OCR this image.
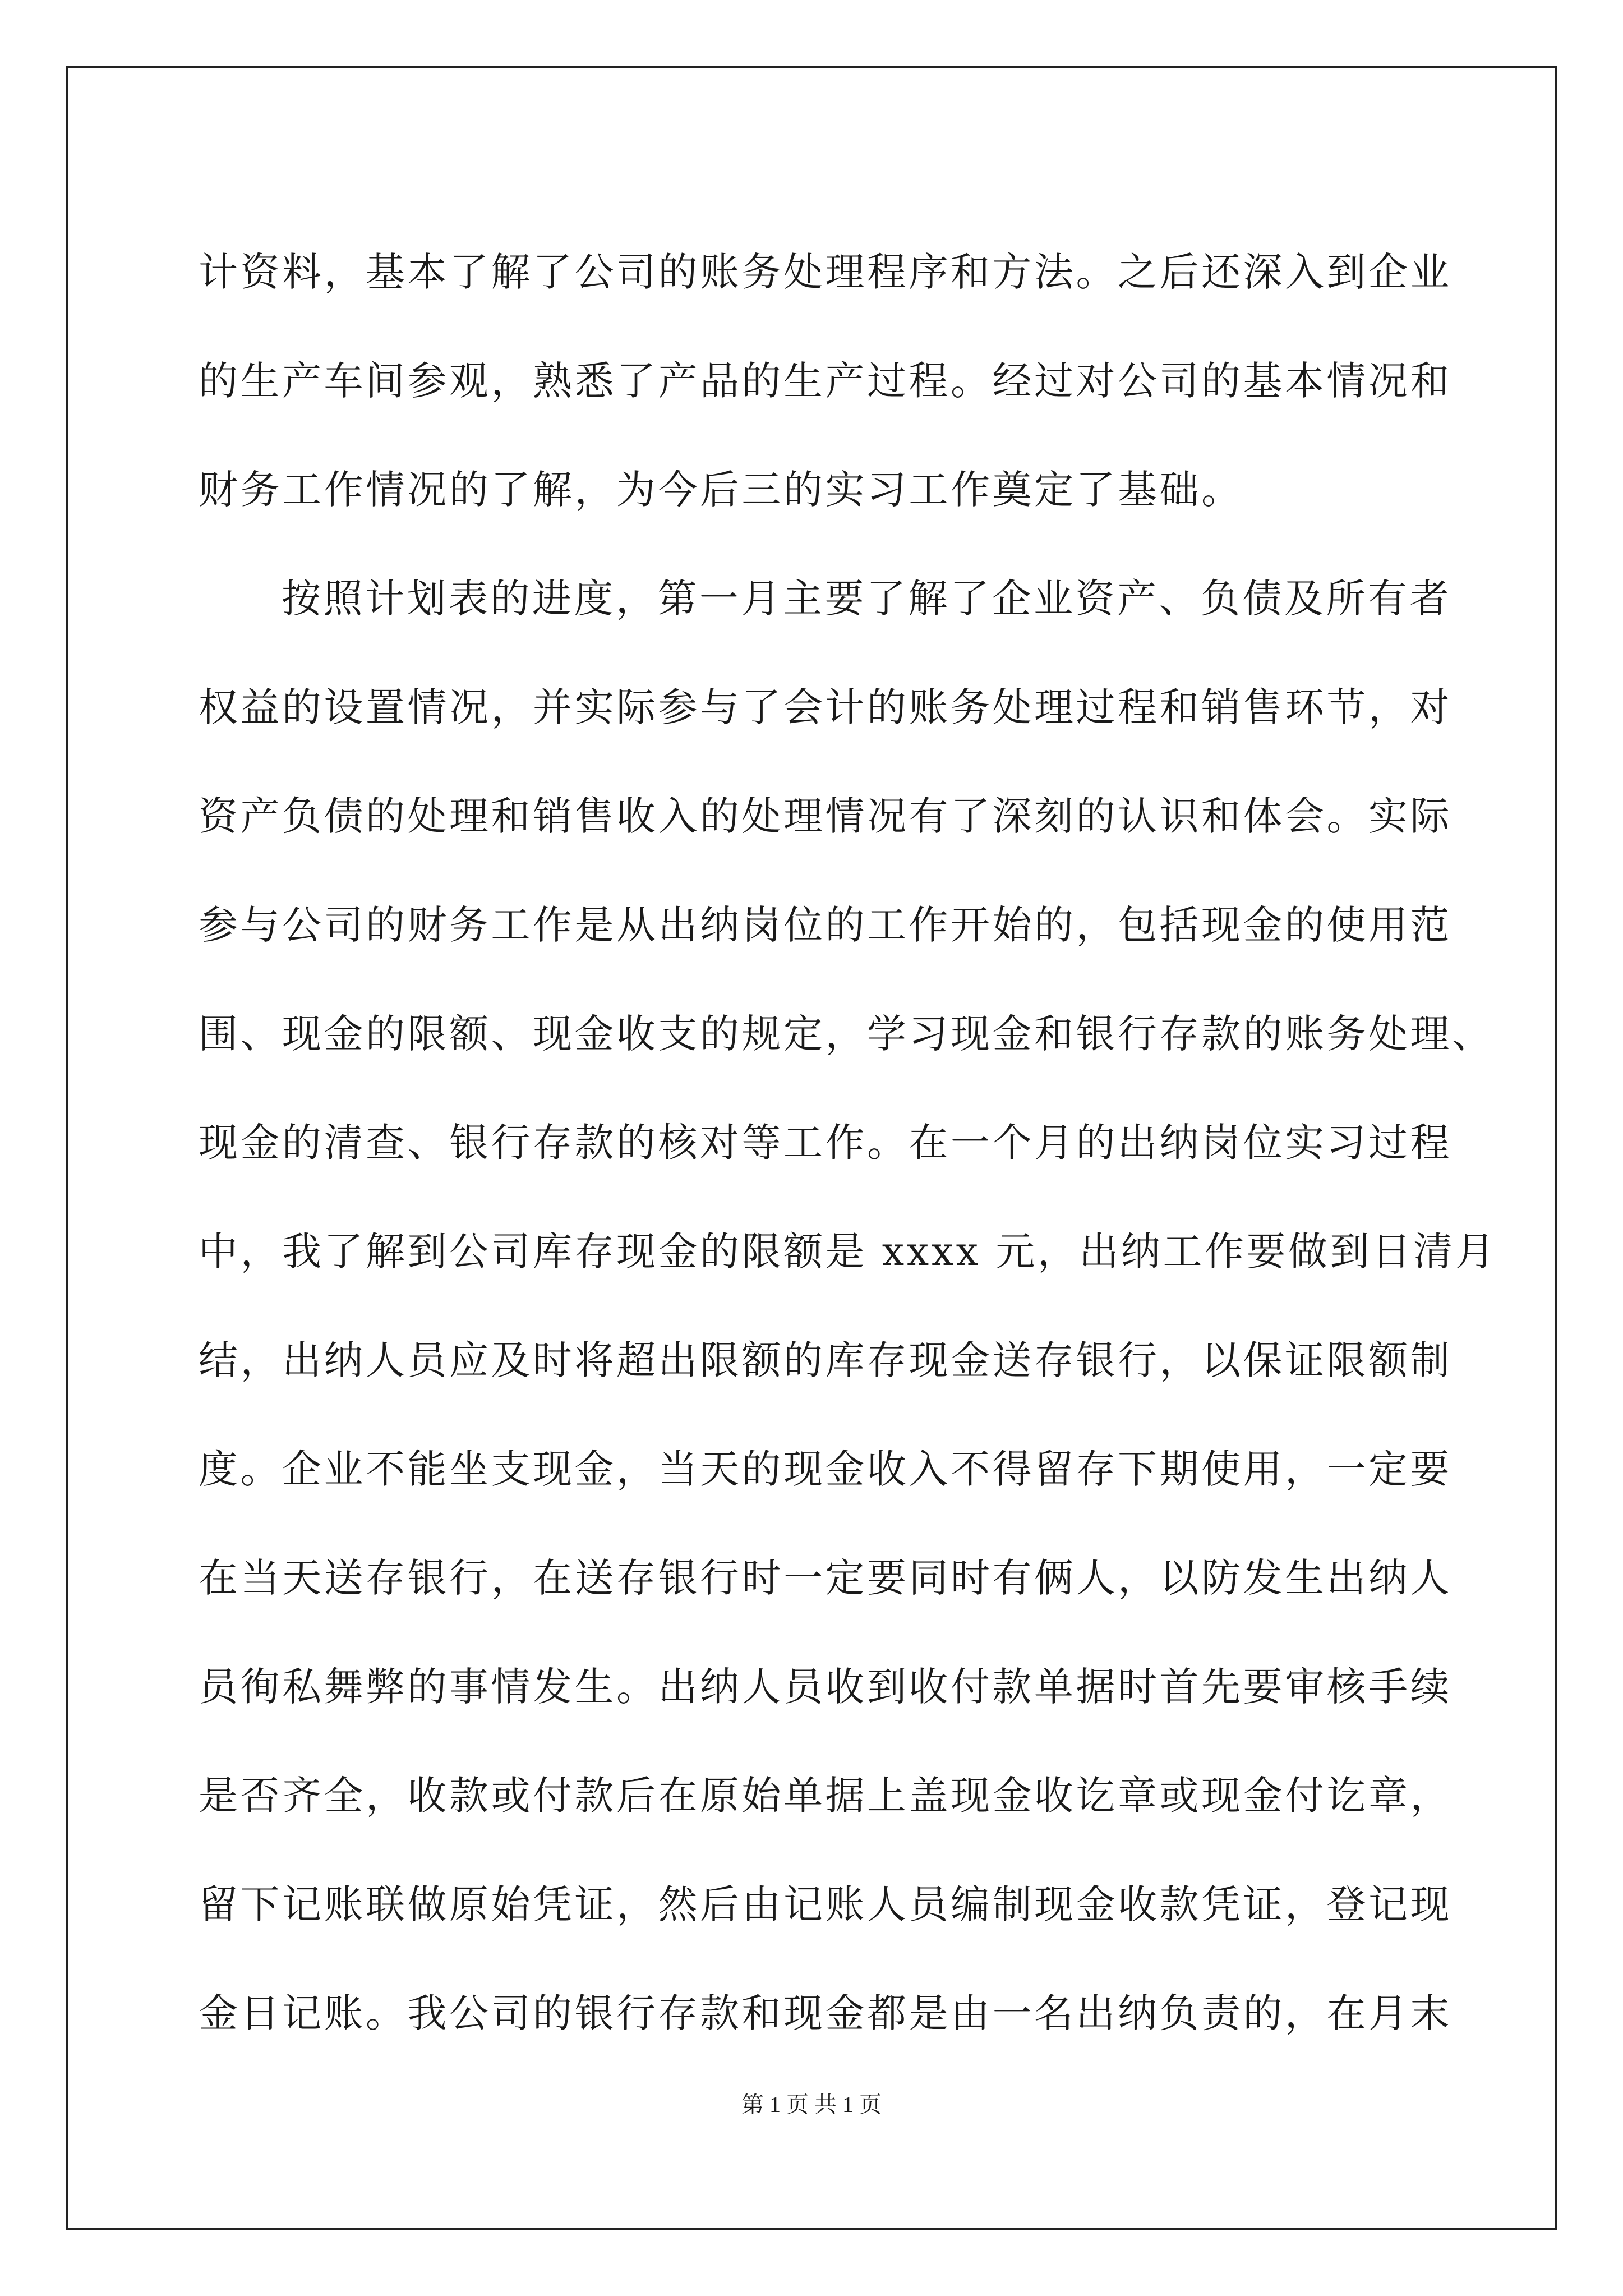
计资料，基本了解了公司的账务处理程序和方法。之后还深入到企业
的生产车间参观，熟悉了产品的生产过程。经过对公司的基本情况和
财务工作情况的了解，为今后三的实习工作奠定了基础。
按照计划表的进度，第一月主要了解了企业资产、负债及所有者
权益的设置情况，并实际参与了会计的账务处理过程和销售环节，对
资产负债的处理和销售收入的处理情况有了深刻的认识和体会。实际
参与公司的财务工作是从出纳岗位的工作开始的，包括现金的使用范
围、现金的限额、现金收支的规定，学习现金和银行存款的账务处理、
现金的清查、银行存款的核对等工作。在一个月的出纳岗位实习过程
中，我了解到公司库存现金的限额是 xxxx 元，出纳工作要做到日清月
结，出纳人员应及时将超出限额的库存现金送存银行，以保证限额制
度。企业不能坐支现金，当天的现金收入不得留存下期使用，一定要
在当天送存银行，在送存银行时一定要同时有俩人，以防发生出纳人
员徇私舞弊的事情发生。出纳人员收到收付款单据时首先要审核手续
是否齐全，收款或付款后在原始单据上盖现金收讫章或现金付讫章，
留下记账联做原始凭证，然后由记账人员编制现金收款凭证，登记现
金日记账。我公司的银行存款和现金都是由一名出纳负责的，在月末
第 1 页 共 1 页
